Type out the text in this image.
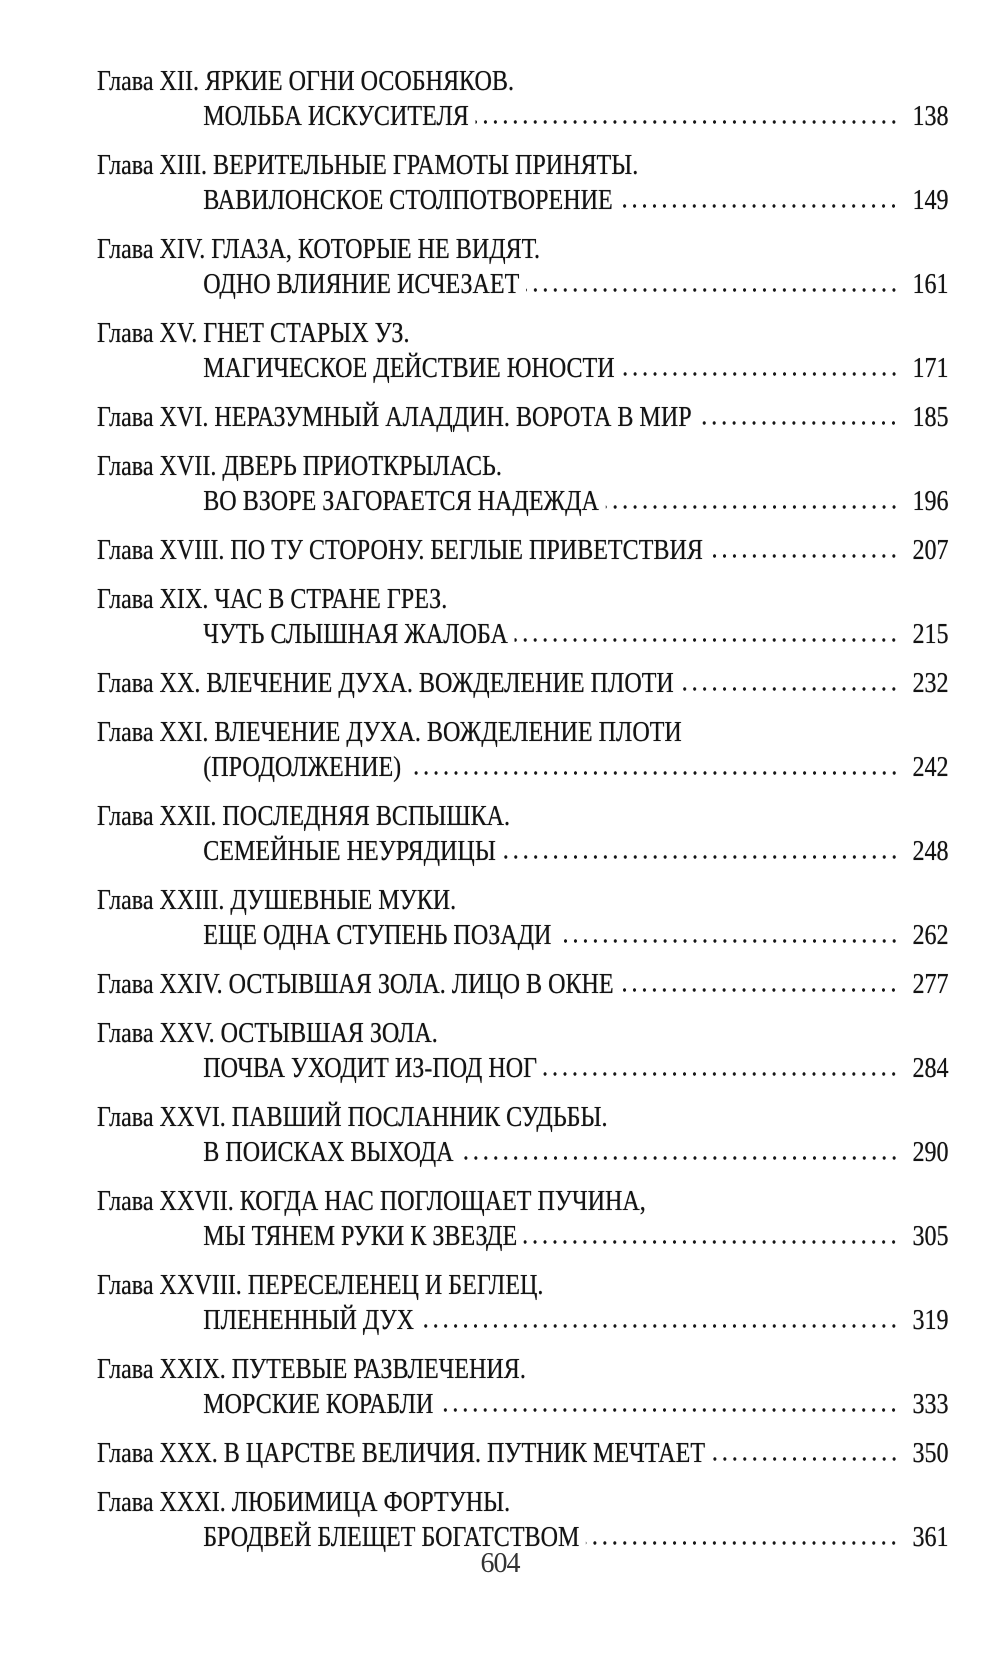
Глава XII. ЯРКИЕ ОГНИ ОСОБНЯКОВ.
МОЛЬБА ИСКУСИТЕЛЯ	138
Глава XIII. ВЕРИТЕЛЬНЫЕ ГРАМОТЫ ПРИНЯТЫ.
ВАВИЛОНСКОЕ СТОЛПОТВОРЕНИЕ	149
Глава XIV. ГЛАЗА, КОТОРЫЕ НЕ ВИДЯТ.
ОДНО ВЛИЯНИЕ ИСЧЕЗАЕТ	161
Глава XV. ГНЕТ СТАРЫХ УЗ.
МАГИЧЕСКОЕ ДЕЙСТВИЕ ЮНОСТИ	171
Глава XVI. НЕРАЗУМНЫЙ АЛАДДИН. ВОРОТА В МИР	185
Глава XVII. ДВЕРЬ ПРИОТКРЫЛАСЬ.
ВО ВЗОРЕ ЗАГОРАЕТСЯ НАДЕЖДА	196
Глава XVIII. ПО ТУ СТОРОНУ. БЕГЛЫЕ ПРИВЕТСТВИЯ	207
Глава XIX. ЧАС В СТРАНЕ ГРЕЗ.
ЧУТЬ СЛЫШНАЯ ЖАЛОБА	215
Глава XX. ВЛЕЧЕНИЕ ДУХА. ВОЖДЕЛЕНИЕ ПЛОТИ	232
Глава XXI. ВЛЕЧЕНИЕ ДУХА. ВОЖДЕЛЕНИЕ ПЛОТИ
(ПРОДОЛЖЕНИЕ)	242
Глава XXII. ПОСЛЕДНЯЯ ВСПЫШКА.
СЕМЕЙНЫЕ НЕУРЯДИЦЫ	248
Глава XXIII. ДУШЕВНЫЕ МУКИ.
ЕЩЕ ОДНА СТУПЕНЬ ПОЗАДИ	262
Глава XXIV. ОСТЫВШАЯ ЗОЛА. ЛИЦО В ОКНЕ	277
Глава XXV. ОСТЫВШАЯ ЗОЛА.
ПОЧВА УХОДИТ ИЗ-ПОД НОГ	284
Глава XXVI. ПАВШИЙ ПОСЛАННИК СУДЬБЫ.
В ПОИСКАХ ВЫХОДА	290
Глава XXVII. КОГДА НАС ПОГЛОЩАЕТ ПУЧИНА,
МЫ ТЯНЕМ РУКИ К ЗВЕЗДЕ	305
Глава XXVIII. ПЕРЕСЕЛЕНЕЦ И БЕГЛЕЦ.
ПЛЕНЕННЫЙ ДУХ	319
Глава XXIX. ПУТЕВЫЕ РАЗВЛЕЧЕНИЯ.
МОРСКИЕ КОРАБЛИ	333
Глава XXX. В ЦАРСТВЕ ВЕЛИЧИЯ. ПУТНИК МЕЧТАЕТ	350
Глава XXXI. ЛЮБИМИЦА ФОРТУНЫ.
БРОДВЕЙ БЛЕЩЕТ БОГАТСТВОМ	361
604
